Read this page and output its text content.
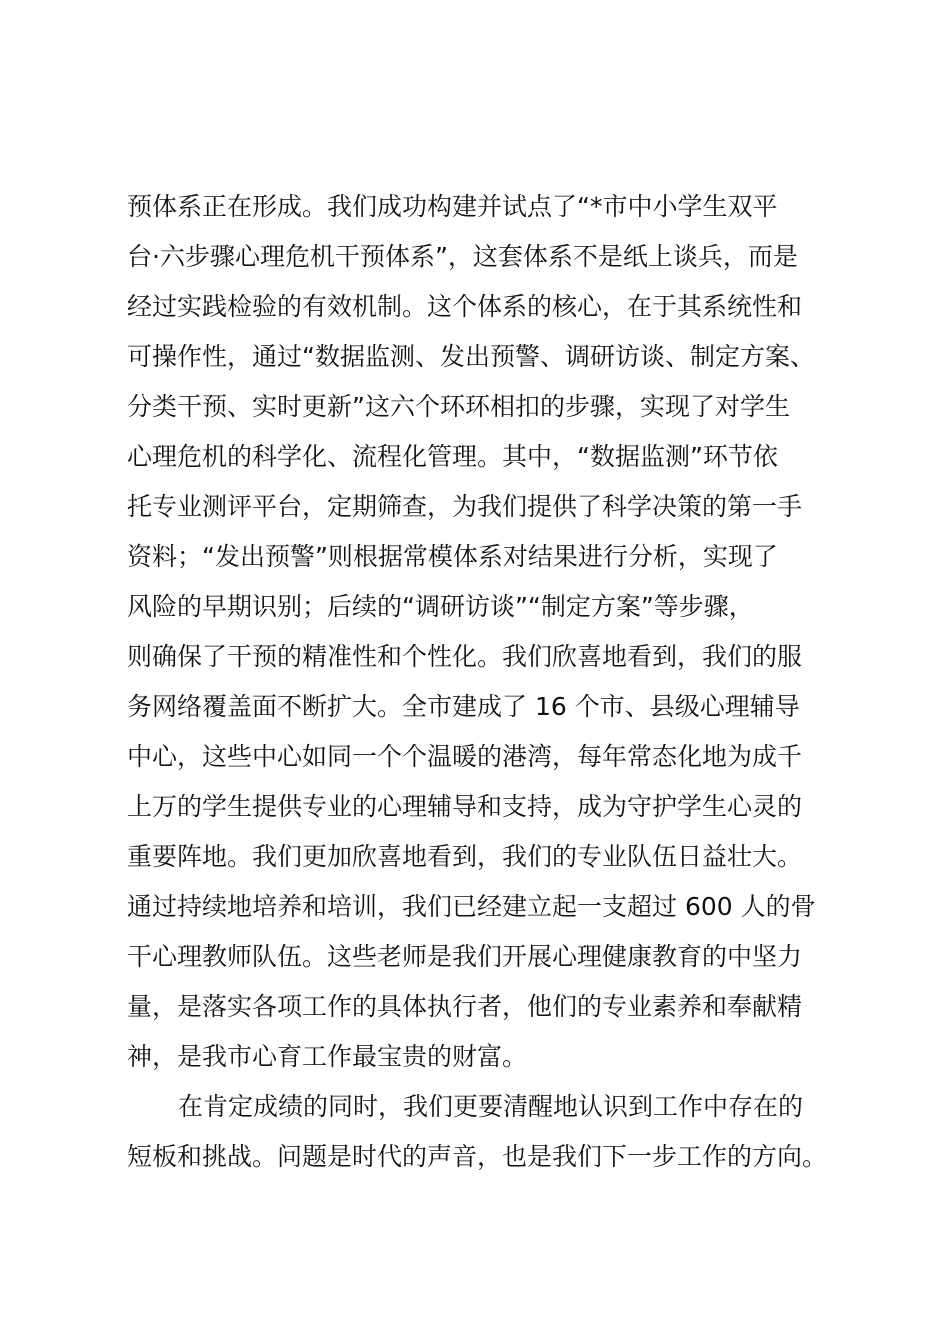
预体系正在形成。我们成功构建并试点了“*市中小学生双平
台·六步骤心理危机干预体系”，这套体系不是纸上谈兵，而是
经过实践检验的有效机制。这个体系的核心，在于其系统性和
可操作性，通过“数据监测、发出预警、调研访谈、制定方案、
分类干预、实时更新”这六个环环相扣的步骤，实现了对学生
心理危机的科学化、流程化管理。其中，“数据监测”环节依
托专业测评平台，定期筛查，为我们提供了科学决策的第一手
资料；“发出预警”则根据常模体系对结果进行分析，实现了
风险的早期识别；后续的“调研访谈”“制定方案”等步骤，
则确保了干预的精准性和个性化。我们欣喜地看到，我们的服
务网络覆盖面不断扩大。全市建成了 16 个市、县级心理辅导
中心，这些中心如同一个个温暖的港湾，每年常态化地为成千
上万的学生提供专业的心理辅导和支持，成为守护学生心灵的
重要阵地。我们更加欣喜地看到，我们的专业队伍日益壮大。
通过持续地培养和培训，我们已经建立起一支超过 600 人的骨
干心理教师队伍。这些老师是我们开展心理健康教育的中坚力
量，是落实各项工作的具体执行者，他们的专业素养和奉献精
神，是我市心育工作最宝贵的财富。
在肯定成绩的同时，我们更要清醒地认识到工作中存在的
短板和挑战。问题是时代的声音，也是我们下一步工作的方向。
